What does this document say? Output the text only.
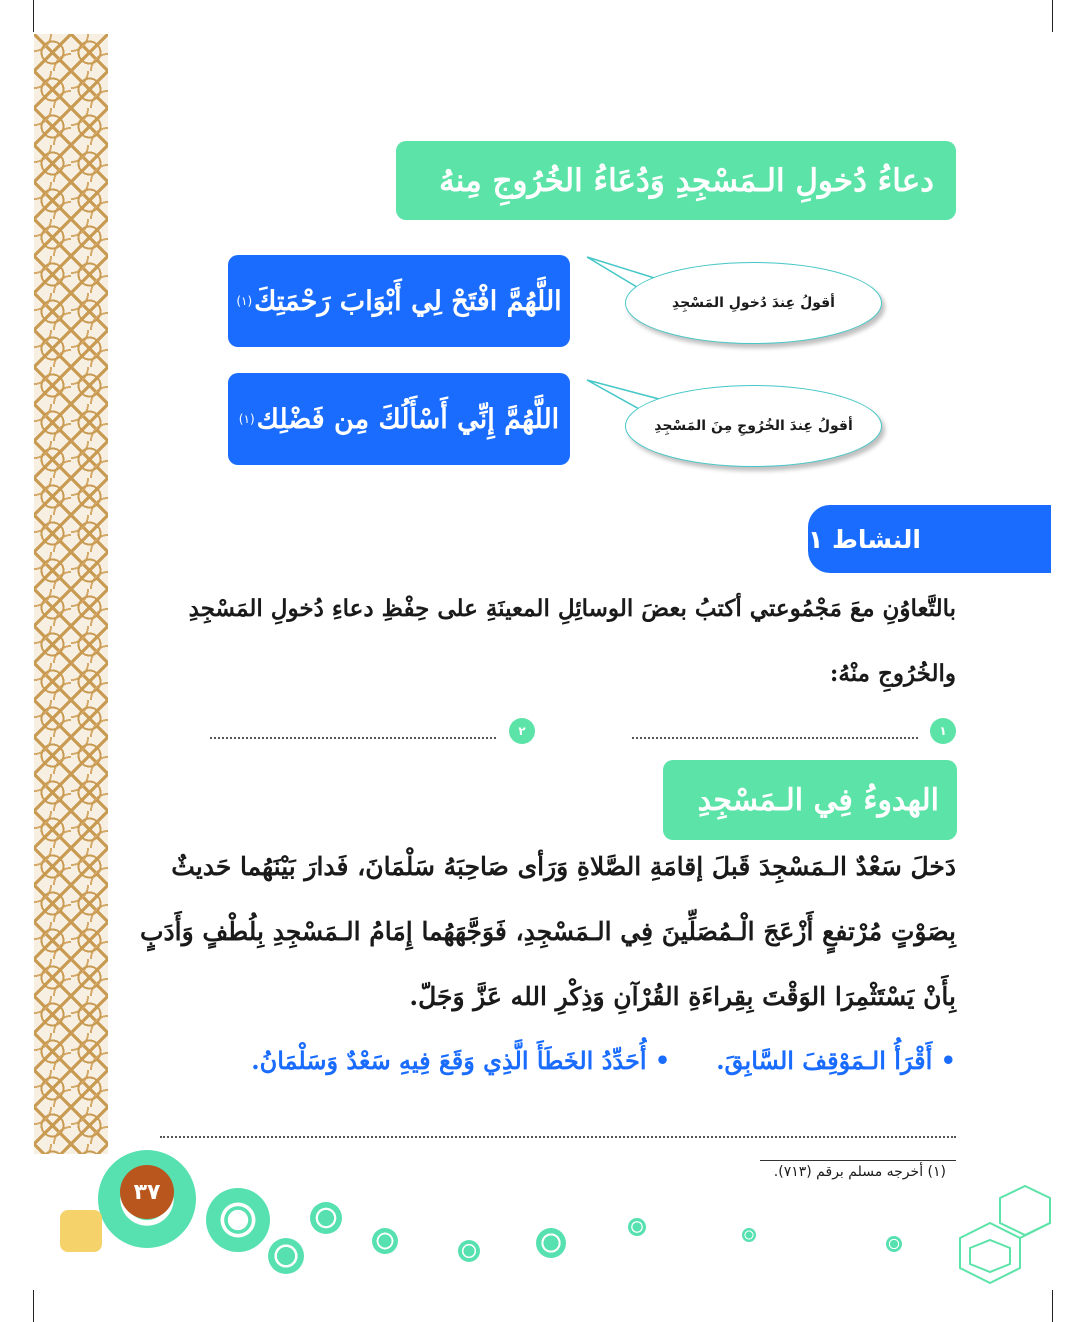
دعاءُ دُخولِ الـمَسْجِدِ وَدُعَاءُ الخُرُوجِ مِنهُ
أقولُ عِندَ دُخولِ المَسْجِدِ
اللَّهُمَّ افْتَحْ لِي أَبْوَابَ رَحْمَتِكَ
(١)
أقولُ عِندَ الخُرُوجِ مِنَ المَسْجِدِ
اللَّهُمَّ إِنِّي أَسْأَلُكَ مِن فَضْلِك
(١)
النشاط ١
بالتَّعاوُنِ معَ مَجْمُوعتي أكتبُ بعضَ الوسائِلِ المعينَةِ على حِفْظِ دعاءِ دُخولِ المَسْجِدِ
والخُرُوجِ منْهُ:
١
٢
الهدوءُ فِي الـمَسْجِدِ
دَخلَ سَعْدٌ الـمَسْجِدَ قَبلَ إقامَةِ الصَّلاةِ وَرَأى صَاحِبَهُ سَلْمَانَ، فَدارَ بَيْنَهُما حَديثٌ
بِصَوْتٍ مُرْتفعٍ أَزْعَجَ الْـمُصَلِّينَ فِي الـمَسْجِدِ، فَوَجَّهَهُما إِمَامُ الـمَسْجِدِ بِلُطْفٍ وَأَدَبٍ
بِأَنْ يَسْتَثْمِرَا الوَقْتَ بِقِراءَةِ القُرْآنِ وَذِكْرِ الله عَزَّ وَجَلّ.
• أَقْرَأُ الـمَوْقِفَ السَّابِقَ.
• أُحَدِّدُ الخَطَأَ الَّذِي وَقَعَ فِيهِ سَعْدٌ وَسَلْمَانُ.
(١) أخرجه مسلم برقم (٧١٣).
٣٧
